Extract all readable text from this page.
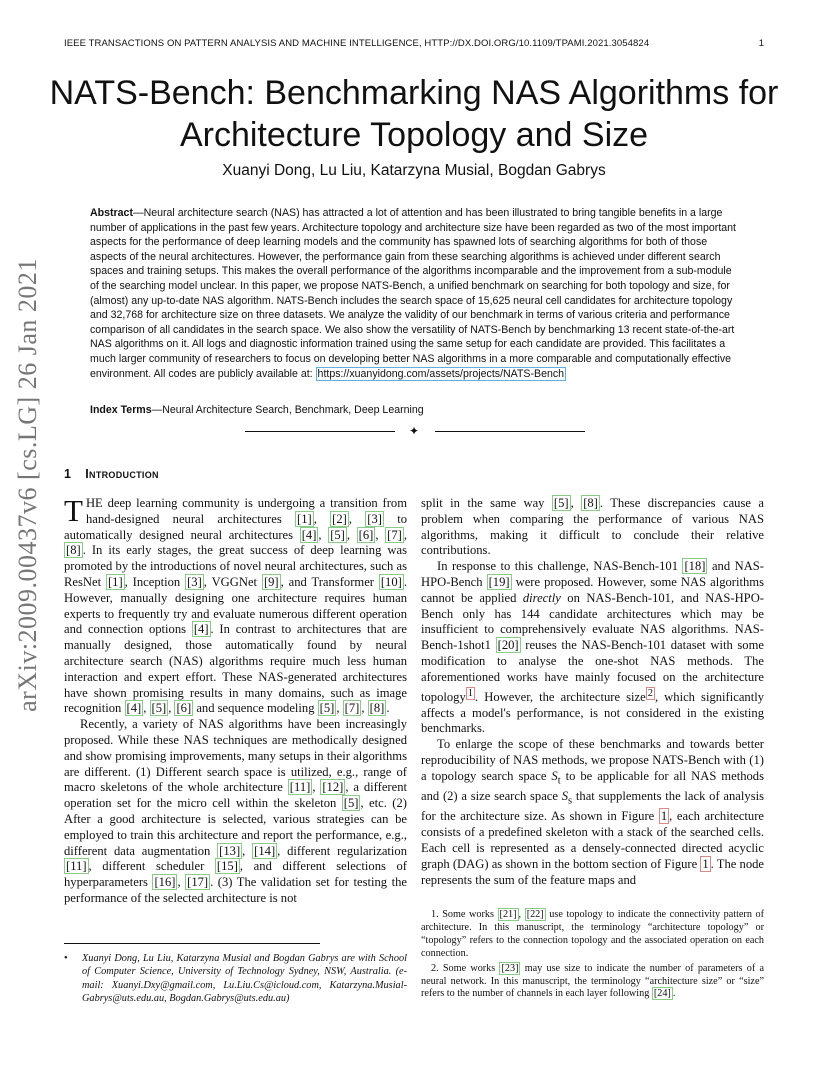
IEEE TRANSACTIONS ON PATTERN ANALYSIS AND MACHINE INTELLIGENCE, HTTP://DX.DOI.ORG/10.1109/TPAMI.2021.3054824	1
NATS-Bench: Benchmarking NAS Algorithms for Architecture Topology and Size
Xuanyi Dong, Lu Liu, Katarzyna Musial, Bogdan Gabrys
Abstract—Neural architecture search (NAS) has attracted a lot of attention and has been illustrated to bring tangible benefits in a large number of applications in the past few years. Architecture topology and architecture size have been regarded as two of the most important aspects for the performance of deep learning models and the community has spawned lots of searching algorithms for both of those aspects of the neural architectures. However, the performance gain from these searching algorithms is achieved under different search spaces and training setups. This makes the overall performance of the algorithms incomparable and the improvement from a sub-module of the searching model unclear. In this paper, we propose NATS-Bench, a unified benchmark on searching for both topology and size, for (almost) any up-to-date NAS algorithm. NATS-Bench includes the search space of 15,625 neural cell candidates for architecture topology and 32,768 for architecture size on three datasets. We analyze the validity of our benchmark in terms of various criteria and performance comparison of all candidates in the search space. We also show the versatility of NATS-Bench by benchmarking 13 recent state-of-the-art NAS algorithms on it. All logs and diagnostic information trained using the same setup for each candidate are provided. This facilitates a much larger community of researchers to focus on developing better NAS algorithms in a more comparable and computationally effective environment. All codes are publicly available at: https://xuanyidong.com/assets/projects/NATS-Bench
Index Terms—Neural Architecture Search, Benchmark, Deep Learning
✦
arXiv:2009.00437v6 [cs.LG] 26 Jan 2021 1 Introduction

THE deep learning community is undergoing a transition from hand-designed neural architectures [1] , [2] , [3] to automatically designed neural architectures [4] , [5] , [6] , [7] , [8] . In its early stages, the great success of deep learning was promoted by the introductions of novel neural architectures, such as ResNet [1] , Inception [3] , VGGNet [9] , and Transformer [10] . However, manually designing one architecture requires human experts to frequently try and evaluate numerous different operation and connection options [4] . In contrast to architectures that are manually designed, those automatically found by neural architecture search (NAS) algorithms require much less human interaction and expert effort. These NAS-generated architectures have shown promising results in many domains, such as image recognition [4] , [5] , [6] and sequence modeling [5] , [7] , [8] .

Recently, a variety of NAS algorithms have been increasingly proposed. While these NAS techniques are methodically designed and show promising improvements, many setups in their algorithms are different. (1) Different search space is utilized, e.g., range of macro skeletons of the whole architecture [11] , [12] , a different operation set for the micro cell within the skeleton [5] , etc. (2) After a good architecture is selected, various strategies can be employed to train this architecture and report the performance, e.g., different data augmentation [13] , [14] , different regularization [11] , different scheduler [15] , and different selections of hyperparameters [16] , [17] . (3) The validation set for testing the performance of the selected architecture is not

split in the same way [5] , [8] . These discrepancies cause a problem when comparing the performance of various NAS algorithms, making it difficult to conclude their relative contributions.

In response to this challenge, NAS-Bench-101 [18] and NAS-HPO-Bench [19] were proposed. However, some NAS algorithms cannot be applied directly on NAS-Bench-101, and NAS-HPO-Bench only has 144 candidate architectures which may be insufficient to comprehensively evaluate NAS algorithms. NAS-Bench-1shot1 [20] reuses the NAS-Bench-101 dataset with some modification to analyse the one-shot NAS methods. The aforementioned works have mainly focused on the architecture topology $^1$ . However, the architecture size $^2$ , which significantly affects a model's performance, is not considered in the existing benchmarks.

To enlarge the scope of these benchmarks and towards better reproducibility of NAS methods, we propose NATS-Bench with (1) a topology search space $S_t$ to be applicable for all NAS methods and (2) a size search space $S_s$ that supplements the lack of analysis for the architecture size. As shown in Figure 1 , each architecture consists of a predefined skeleton with a stack of the searched cells. Each cell is represented as a densely-connected directed acyclic graph (DAG) as shown in the bottom section of Figure 1 . The node represents the sum of the feature maps and

• Xuanyi Dong, Lu Liu, Katarzyna Musial and Bogdan Gabrys are with School of Computer Science, University of Technology Sydney, NSW, Australia. (e-mail: Xuanyi.Dxy@gmail.com, Lu.Liu.Cs@icloud.com, Katarzyna.Musial-Gabrys@uts.edu.au, Bogdan.Gabrys@uts.edu.au)

1. Some works [21] , [22] use topology to indicate the connectivity pattern of architecture. In this manuscript, the terminology “architecture topology” or “topology” refers to the connection topology and the associated operation on each connection.

2. Some works [23] may use size to indicate the number of parameters of a neural network. In this manuscript, the terminology “architecture size” or “size” refers to the number of channels in each layer following [24] .
